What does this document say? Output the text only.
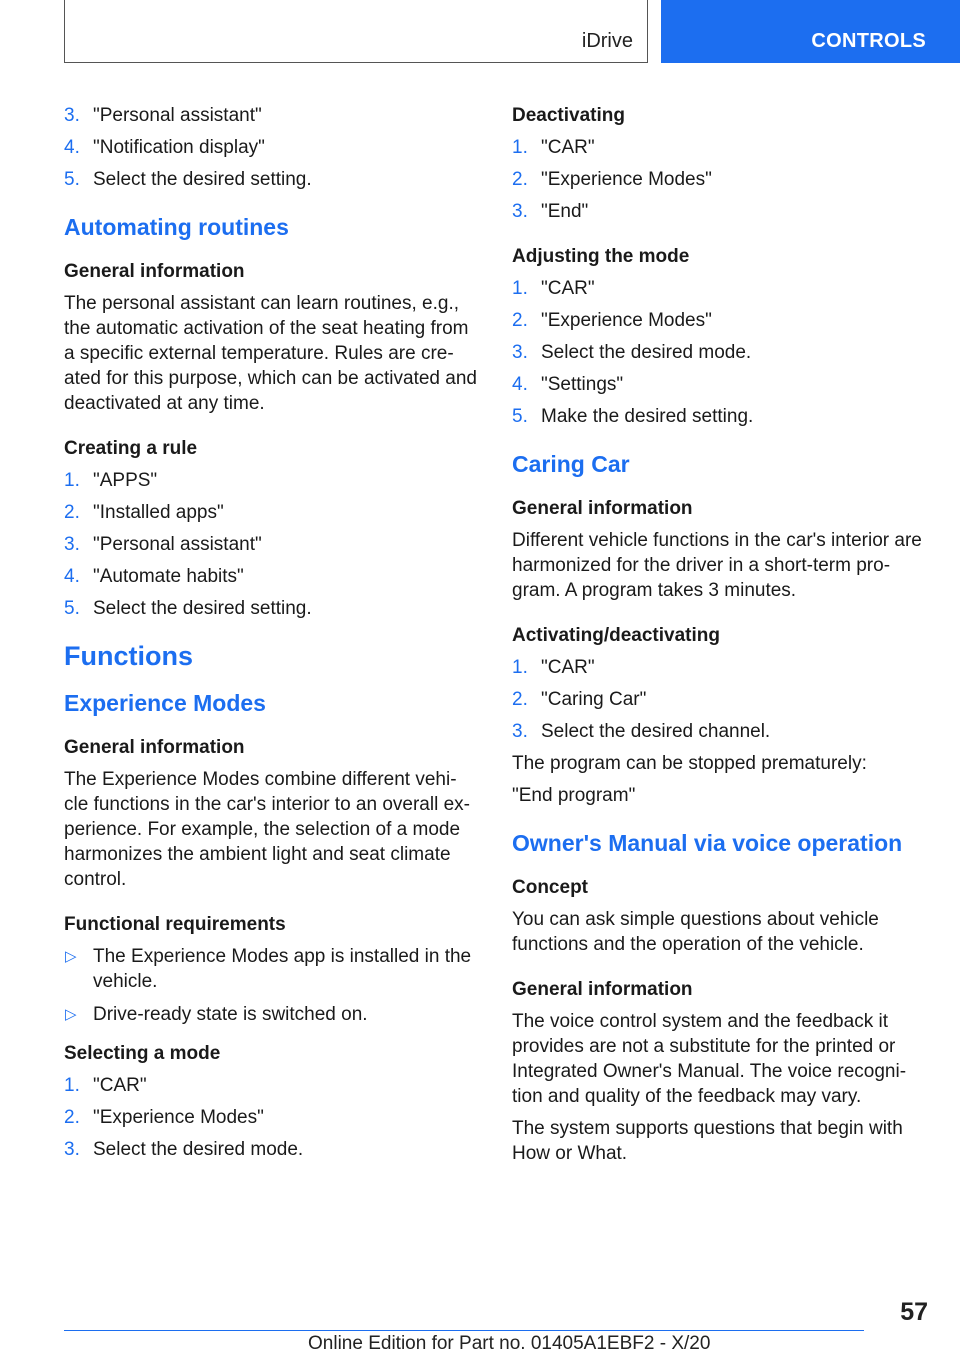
iDrive	CONTROLS
3. "Personal assistant"
4. "Notification display"
5. Select the desired setting.
Automating routines
General information
The personal assistant can learn routines, e.g., the automatic activation of the seat heating from a specific external temperature. Rules are cre‐ ated for this purpose, which can be activated and deactivated at any time.
Creating a rule
1. "APPS"
2. "Installed apps"
3. "Personal assistant"
4. "Automate habits"
5. Select the desired setting.
Functions
Experience Modes
General information
The Experience Modes combine different vehi‐ cle functions in the car's interior to an overall ex‐ perience. For example, the selection of a mode harmonizes the ambient light and seat climate control.
Functional requirements
▷ The Experience Modes app is installed in the vehicle.
▷ Drive-ready state is switched on.
Selecting a mode
1. "CAR"
2. "Experience Modes"
3. Select the desired mode.
Deactivating
1. "CAR"
2. "Experience Modes"
3. "End"
Adjusting the mode
1. "CAR"
2. "Experience Modes"
3. Select the desired mode.
4. "Settings"
5. Make the desired setting.
Caring Car
General information
Different vehicle functions in the car's interior are harmonized for the driver in a short-term pro‐ gram. A program takes 3 minutes.
Activating/deactivating
1. "CAR"
2. "Caring Car"
3. Select the desired channel.
The program can be stopped prematurely:
"End program"
Owner's Manual via voice operation
Concept
You can ask simple questions about vehicle functions and the operation of the vehicle.
General information
The voice control system and the feedback it provides are not a substitute for the printed or Integrated Owner's Manual. The voice recogni‐ tion and quality of the feedback may vary.
The system supports questions that begin with How or What.
57
Online Edition for Part no. 01405A1EBF2 - X/20
